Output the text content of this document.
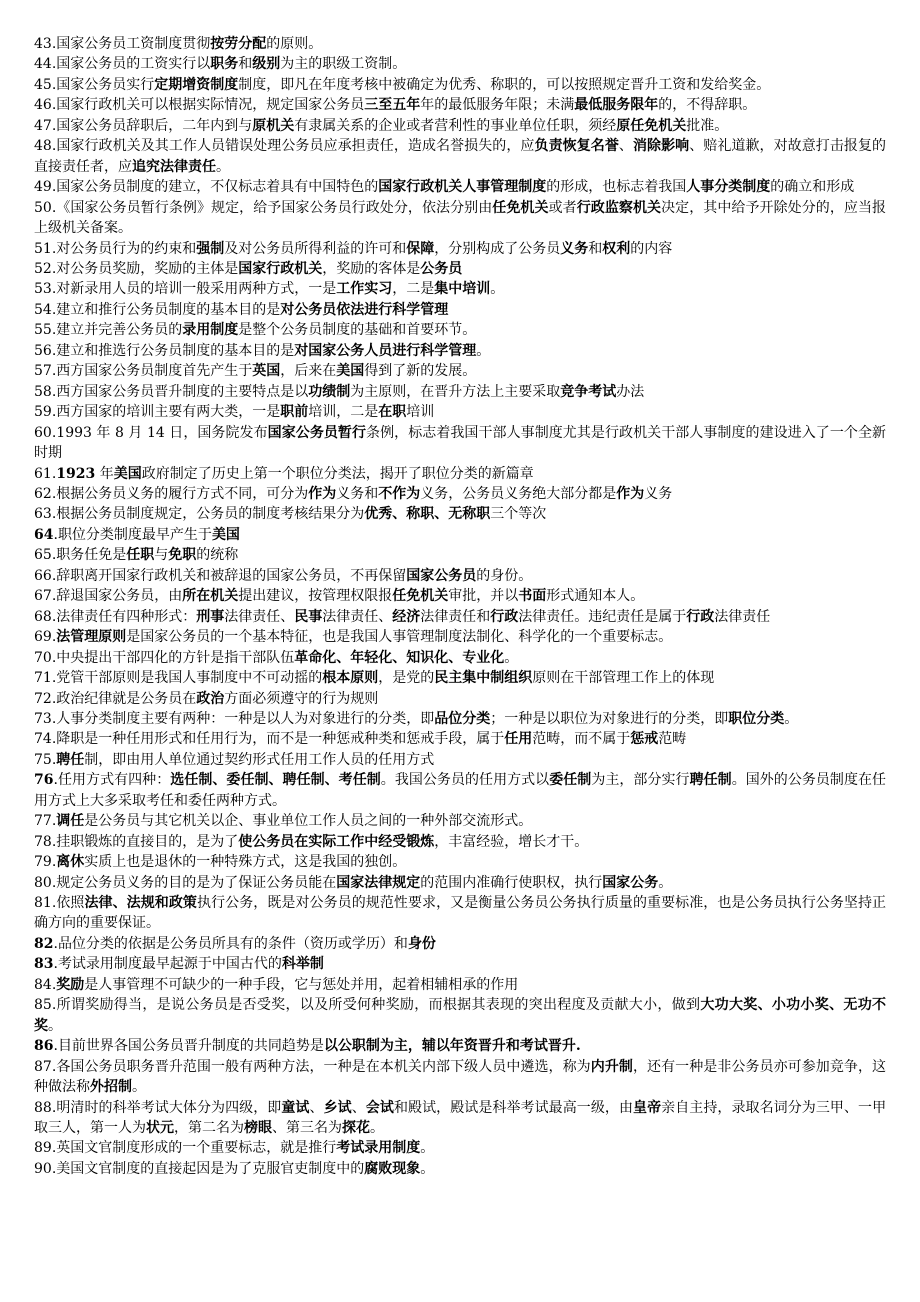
43.国家公务员工资制度贯彻按劳分配的原则。

44.国家公务员的工资实行以职务和级别为主的职级工资制。

45.国家公务员实行定期增资制度制度，即凡在年度考核中被确定为优秀、称职的，可以按照规定晋升工资和发给奖金。

46.国家行政机关可以根据实际情况，规定国家公务员三至五年年的最低服务年限；未满最低服务限年的，不得辞职。

47.国家公务员辞职后，二年内到与原机关有隶属关系的企业或者营利性的事业单位任职，须经原任免机关批准。

48.国家行政机关及其工作人员错误处理公务员应承担责任，造成名誉损失的，应负责恢复名誉、消除影响、赔礼道歉，对故意打击报复的直接责任者，应追究法律责任。

49.国家公务员制度的建立，不仅标志着具有中国特色的国家行政机关人事管理制度的形成，也标志着我国人事分类制度的确立和形成

50.《国家公务员暂行条例》规定，给予国家公务员行政处分，依法分别由任免机关或者行政监察机关决定，其中给予开除处分的，应当报上级机关备案。

51.对公务员行为的约束和强制及对公务员所得利益的许可和保障，分别构成了公务员义务和权利的内容

52.对公务员奖励，奖励的主体是国家行政机关，奖励的客体是公务员

53.对新录用人员的培训一般采用两种方式，一是工作实习，二是集中培训。

54.建立和推行公务员制度的基本目的是对公务员依法进行科学管理

55.建立并完善公务员的录用制度是整个公务员制度的基础和首要环节。

56.建立和推选行公务员制度的基本目的是对国家公务人员进行科学管理。

57.西方国家公务员制度首先产生于英国，后来在美国得到了新的发展。

58.西方国家公务员晋升制度的主要特点是以功绩制为主原则，在晋升方法上主要采取竞争考试办法

59.西方国家的培训主要有两大类，一是职前培训，二是在职培训

60.1993 年 8 月 14 日，国务院发布国家公务员暂行条例，标志着我国干部人事制度尤其是行政机关干部人事制度的建设进入了一个全新时期

61.1923 年美国政府制定了历史上第一个职位分类法，揭开了职位分类的新篇章

62.根据公务员义务的履行方式不同，可分为作为义务和不作为义务，公务员义务绝大部分都是作为义务

63.根据公务员制度规定，公务员的制度考核结果分为优秀、称职、无称职三个等次

64.职位分类制度最早产生于美国

65.职务任免是任职与免职的统称

66.辞职离开国家行政机关和被辞退的国家公务员，不再保留国家公务员的身份。

67.辞退国家公务员，由所在机关提出建议，按管理权限报任免机关审批，并以书面形式通知本人。

68.法律责任有四种形式：刑事法律责任、民事法律责任、经济法律责任和行政法律责任。违纪责任是属于行政法律责任

69.法管理原则是国家公务员的一个基本特征，也是我国人事管理制度法制化、科学化的一个重要标志。

70.中央提出干部四化的方针是指干部队伍革命化、年轻化、知识化、专业化。

71.党管干部原则是我国人事制度中不可动摇的根本原则，是党的民主集中制组织原则在干部管理工作上的体现

72.政治纪律就是公务员在政治方面必须遵守的行为规则

73.人事分类制度主要有两种：一种是以人为对象进行的分类，即品位分类；一种是以职位为对象进行的分类，即职位分类。

74.降职是一种任用形式和任用行为，而不是一种惩戒种类和惩戒手段，属于任用范畴，而不属于惩戒范畴

75.聘任制，即由用人单位通过契约形式任用工作人员的任用方式

76.任用方式有四种：选任制、委任制、聘任制、考任制。我国公务员的任用方式以委任制为主，部分实行聘任制。国外的公务员制度在任用方式上大多采取考任和委任两种方式。

77.调任是公务员与其它机关以企、事业单位工作人员之间的一种外部交流形式。

78.挂职锻炼的直接目的，是为了使公务员在实际工作中经受锻炼，丰富经验，增长才干。

79.离休实质上也是退休的一种特殊方式，这是我国的独创。

80.规定公务员义务的目的是为了保证公务员能在国家法律规定的范围内准确行使职权，执行国家公务。

81.依照法律、法规和政策执行公务，既是对公务员的规范性要求，又是衡量公务员公务执行质量的重要标准，也是公务员执行公务坚持正确方向的重要保证。

82.品位分类的依据是公务员所具有的条件（资历或学历）和身份

83.考试录用制度最早起源于中国古代的科举制

84.奖励是人事管理不可缺少的一种手段，它与惩处并用，起着相辅相承的作用

85.所谓奖励得当，是说公务员是否受奖，以及所受何种奖励，而根据其表现的突出程度及贡献大小，做到大功大奖、小功小奖、无功不奖。

86.目前世界各国公务员晋升制度的共同趋势是以公职制为主，辅以年资晋升和考试晋升.

87.各国公务员职务晋升范围一般有两种方法，一种是在本机关内部下级人员中遴选，称为内升制，还有一种是非公务员亦可参加竞争，这种做法称外招制。

88.明清时的科举考试大体分为四级，即童试、乡试、会试和殿试，殿试是科举考试最高一级，由皇帝亲自主持，录取名词分为三甲、一甲取三人，第一人为状元，第二名为榜眼、第三名为探花。

89.英国文官制度形成的一个重要标志，就是推行考试录用制度。

90.美国文官制度的直接起因是为了克服官吏制度中的腐败现象。
